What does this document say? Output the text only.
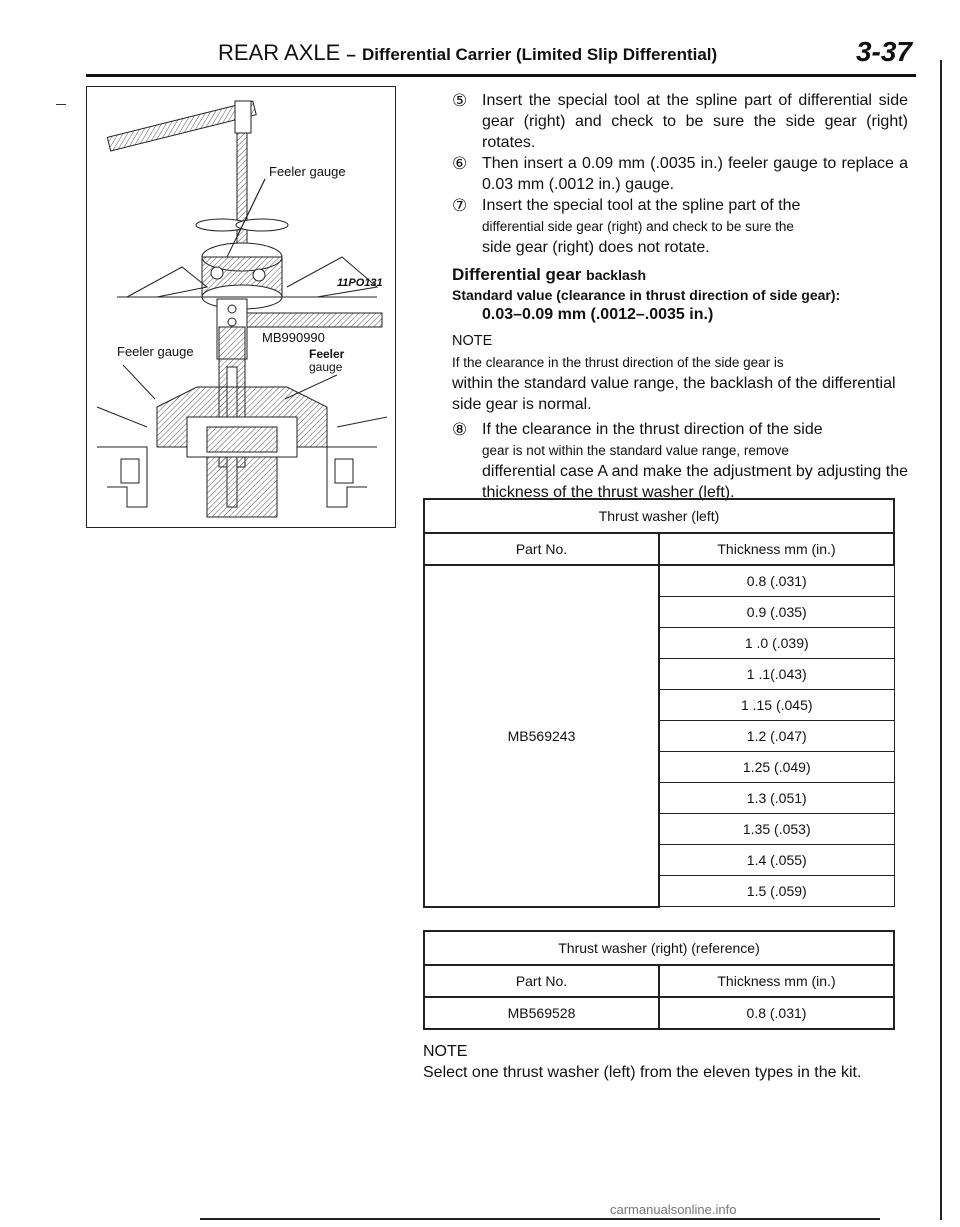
REAR AXLE – Differential Carrier (Limited Slip Differential)	3-37
Feeler gauge
11PO131
Feeler gauge
MB990990
Feeler
gauge
⑤ Insert the special tool at the spline part of differential side gear (right) and check to be sure the side gear (right) rotates.
⑥ Then insert a 0.09 mm (.0035 in.) feeler gauge to replace a 0.03 mm (.0012 in.) gauge.
⑦ Insert the special tool at the spline part of the
differential side gear (right) and check to be sure the
side gear (right) does not rotate.
Differential gear backlash
Standard value (clearance in thrust direction of side gear):
0.03–0.09 mm (.0012–.0035 in.)
NOTE
If the clearance in the thrust direction of the side gear is
within the standard value range, the backlash of the differential side gear is normal.
⑧ If the clearance in the thrust direction of the side
gear is not within the standard value range, remove
differential case A and make the adjustment by adjusting the thickness of the thrust washer (left).
Thrust washer (left)	
Part No.	Thickness mm (in.)
MB569243	0.8 (.031)
	0.9 (.035)
	1 .0 (.039)
	1 .1(.043)
	1 .15 (.045)
	1.2 (.047)
	1.25 (.049)
	1.3 (.051)
	1.35 (.053)
	1.4 (.055)
	1.5 (.059)
Thrust washer (right) (reference)	
Part No.	Thickness mm (in.)
MB569528	0.8 (.031)
NOTE
Select one thrust washer (left) from the eleven types in the kit.
carmanualsonline.info
